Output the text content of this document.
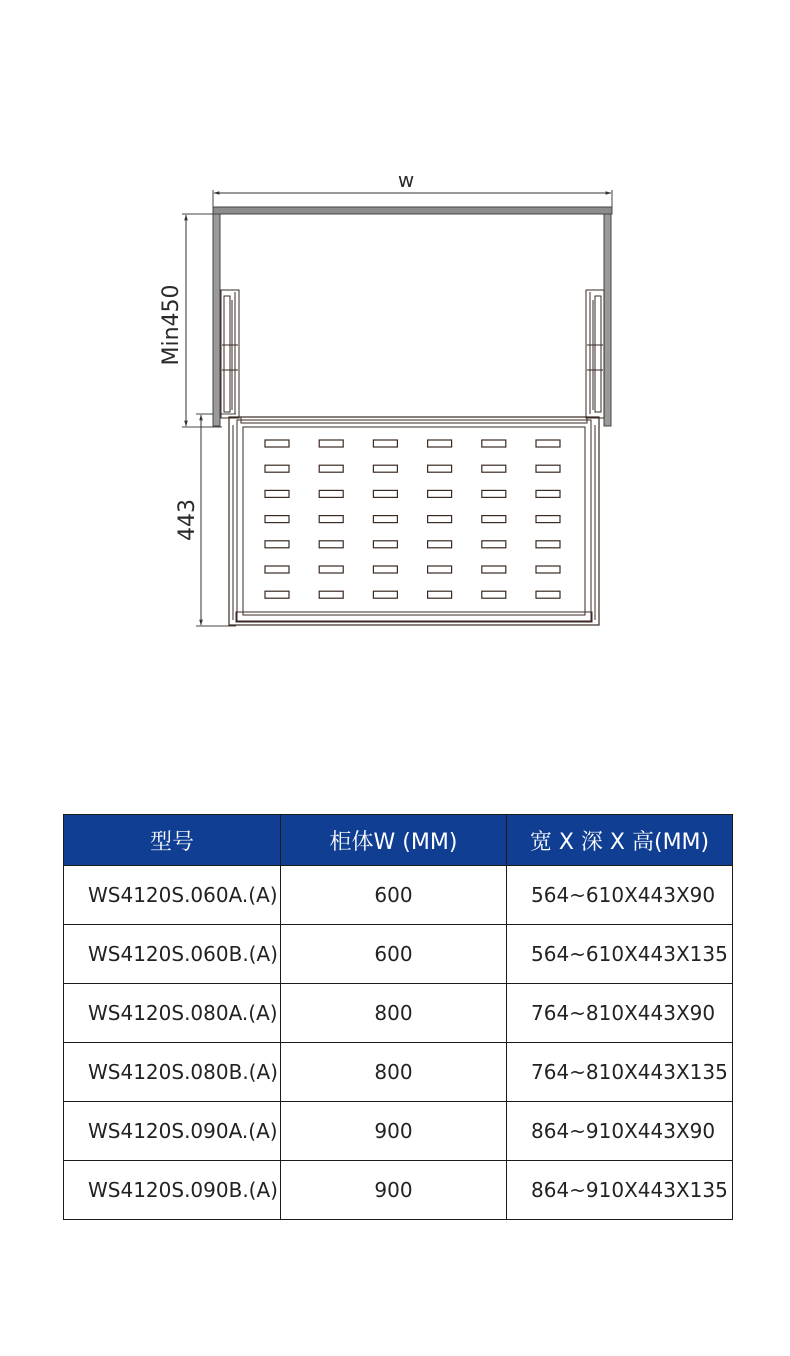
w
Min450
443
型号	柜体W (MM)	宽 X 深 X 高(MM)
WS4120S.060A.(A)	600	564~610X443X90
WS4120S.060B.(A)	600	564~610X443X135
WS4120S.080A.(A)	800	764~810X443X90
WS4120S.080B.(A)	800	764~810X443X135
WS4120S.090A.(A)	900	864~910X443X90
WS4120S.090B.(A)	900	864~910X443X135
